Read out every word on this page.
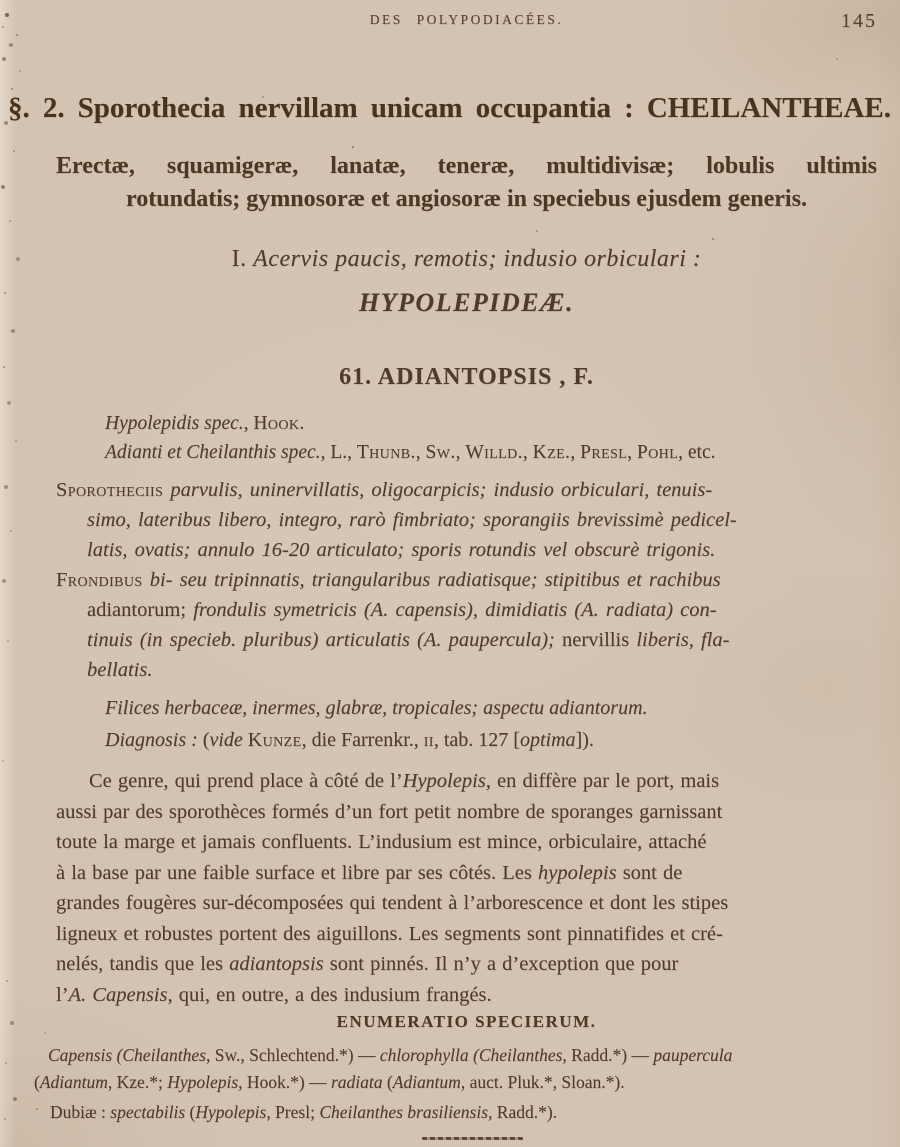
DES POLYPODIACÉES.	145
§. 2. Sporothecia nervillam unicam occupantia : CHEILANTHEAE.
Erectæ, squamigeræ, lanatæ, teneræ, multidivisæ; lobulis ultimis
rotundatis; gymnosoræ et angiosoræ in speciebus ejusdem generis.
I. Acervis paucis, remotis; indusio orbiculari :
HYPOLEPIDEÆ.
61. ADIANTOPSIS , F.
Hypolepidis spec., Hook.
Adianti et Cheilanthis spec., L., Thunb., Sw., Willd., Kze., Presl, Pohl, etc.
Sporotheciis parvulis, uninervillatis, oligocarpicis; indusio orbiculari, tenuis-
simo, lateribus libero, integro, rarò fimbriato; sporangiis brevissimè pedicel-
latis, ovatis; annulo 16-20 articulato; sporis rotundis vel obscurè trigonis.
Frondibus bi- seu tripinnatis, triangularibus radiatisque; stipitibus et rachibus
adiantorum; frondulis symetricis (A. capensis), dimidiatis (A. radiata) con-
tinuis (in specieb. pluribus) articulatis (A. paupercula); nervillis liberis, fla-
bellatis.
Filices herbaceæ, inermes, glabræ, tropicales; aspectu adiantorum.
Diagnosis : (vide Kunze, die Farrenkr., ii, tab. 127 [optima]).
Ce genre, qui prend place à côté de l’Hypolepis, en diffère par le port, mais
aussi par des sporothèces formés d’un fort petit nombre de sporanges garnissant
toute la marge et jamais confluents. L’indusium est mince, orbiculaire, attaché
à la base par une faible surface et libre par ses côtés. Les hypolepis sont de
grandes fougères sur-décomposées qui tendent à l’arborescence et dont les stipes
ligneux et robustes portent des aiguillons. Les segments sont pinnatifides et cré-
nelés, tandis que les adiantopsis sont pinnés. Il n’y a d’exception que pour
l’A. Capensis, qui, en outre, a des indusium frangés.
ENUMERATIO SPECIERUM.
Capensis (Cheilanthes, Sw., Schlechtend.*) — chlorophylla (Cheilanthes, Radd.*) — paupercula
(Adiantum, Kze.*; Hypolepis, Hook.*) — radiata (Adiantum, auct. Pluk.*, Sloan.*).
Dubiæ : spectabilis (Hypolepis, Presl; Cheilanthes brasiliensis, Radd.*).
